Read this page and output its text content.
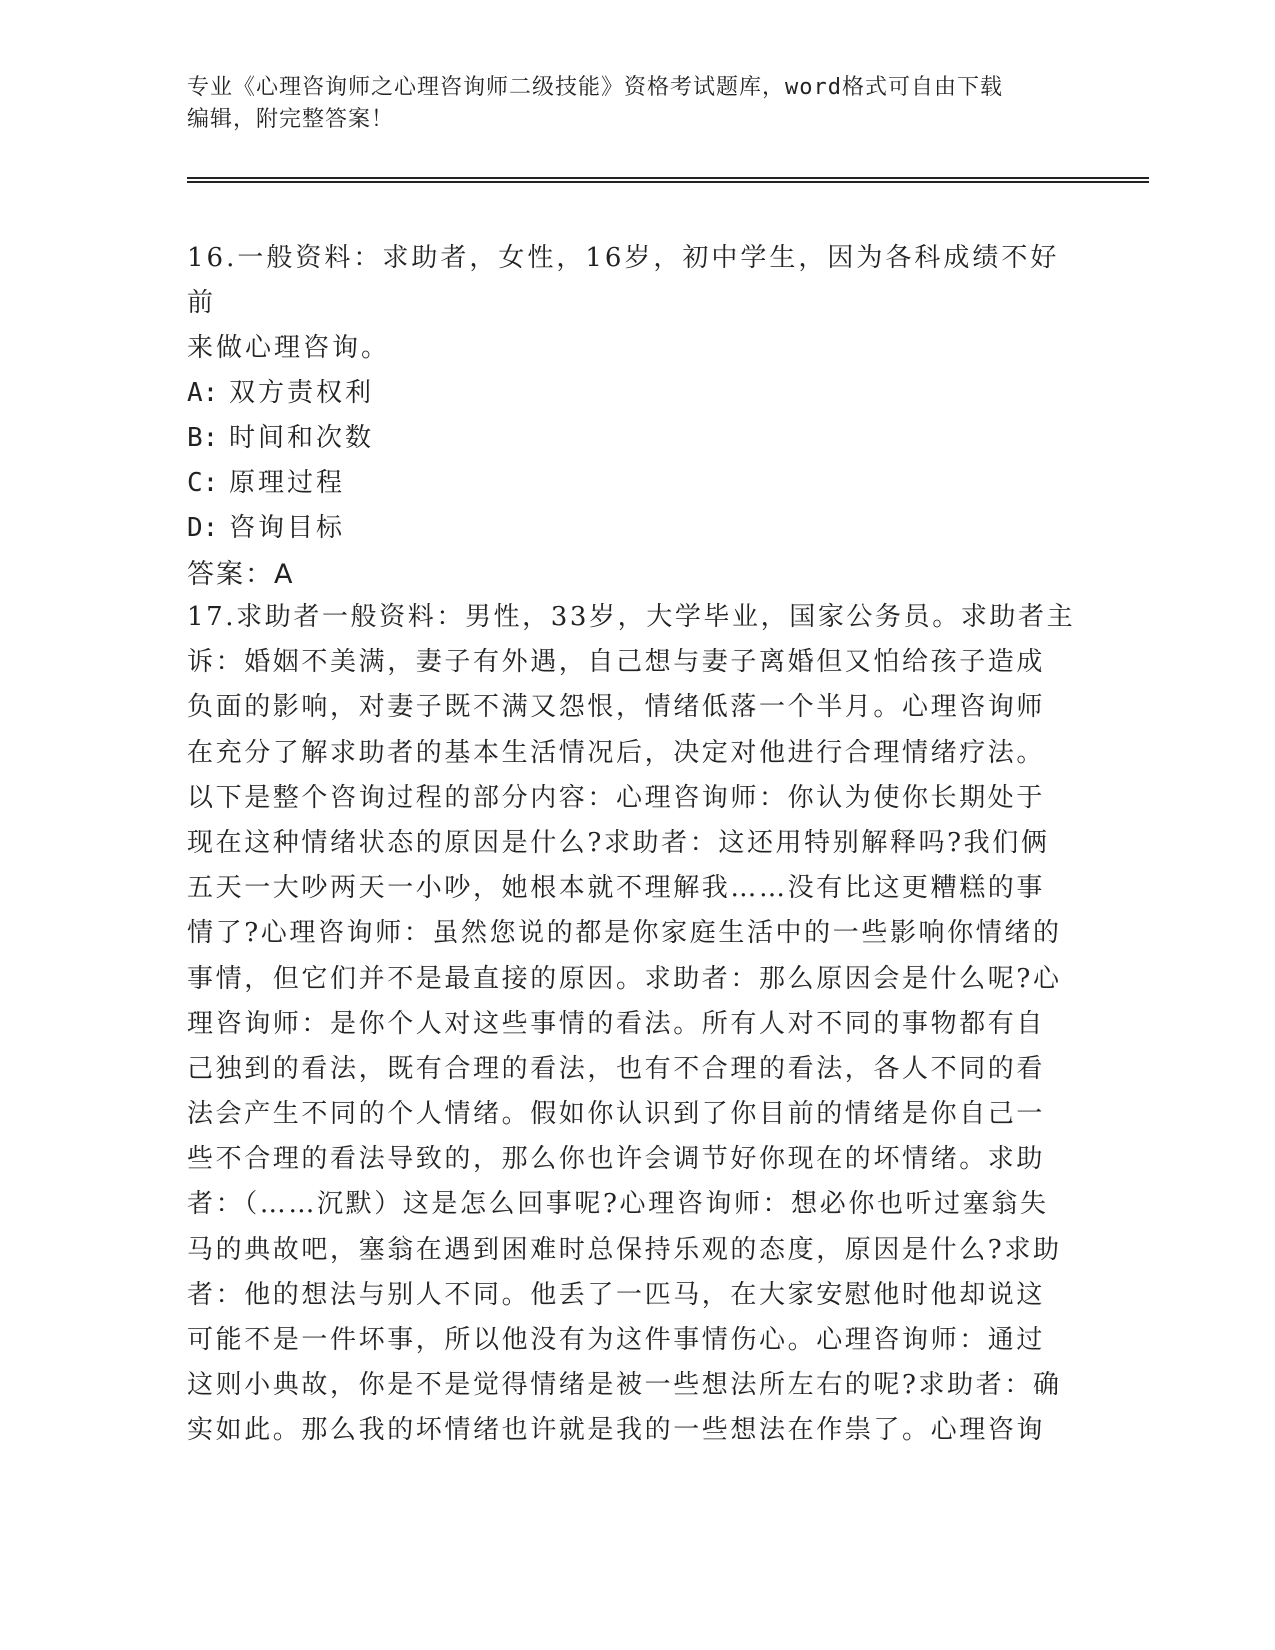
专业《心理咨询师之心理咨询师二级技能》资格考试题库，word格式可自由下载
编辑，附完整答案！

16.一般资料：求助者，女性，16岁，初中学生，因为各科成绩不好前
来做心理咨询。

A: 双方责权利

B: 时间和次数

C: 原理过程

D: 咨询目标

答案：A

17.求助者一般资料：男性，33岁，大学毕业，国家公务员。求助者主
诉：婚姻不美满，妻子有外遇，自己想与妻子离婚但又怕给孩子造成
负面的影响，对妻子既不满又怨恨，情绪低落一个半月。心理咨询师
在充分了解求助者的基本生活情况后，决定对他进行合理情绪疗法。
以下是整个咨询过程的部分内容：心理咨询师：你认为使你长期处于
现在这种情绪状态的原因是什么?求助者：这还用特别解释吗?我们俩
五天一大吵两天一小吵，她根本就不理解我……没有比这更糟糕的事
情了?心理咨询师：虽然您说的都是你家庭生活中的一些影响你情绪的
事情，但它们并不是最直接的原因。求助者：那么原因会是什么呢?心
理咨询师：是你个人对这些事情的看法。所有人对不同的事物都有自
己独到的看法，既有合理的看法，也有不合理的看法，各人不同的看
法会产生不同的个人情绪。假如你认识到了你目前的情绪是你自己一
些不合理的看法导致的，那么你也许会调节好你现在的坏情绪。求助
者：（……沉默）这是怎么回事呢?心理咨询师：想必你也听过塞翁失
马的典故吧，塞翁在遇到困难时总保持乐观的态度，原因是什么?求助
者：他的想法与别人不同。他丢了一匹马，在大家安慰他时他却说这
可能不是一件坏事，所以他没有为这件事情伤心。心理咨询师：通过
这则小典故，你是不是觉得情绪是被一些想法所左右的呢?求助者：确
实如此。那么我的坏情绪也许就是我的一些想法在作祟了。心理咨询
